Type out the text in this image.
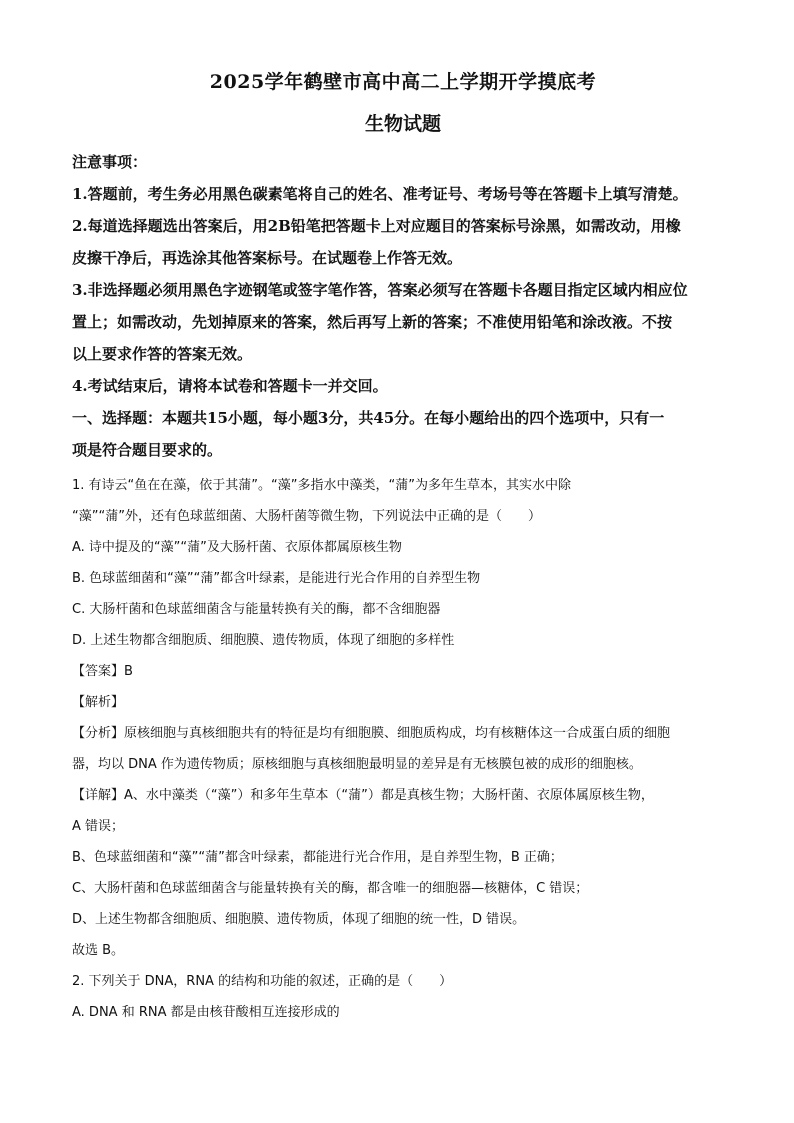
2025学年鹤壁市高中高二上学期开学摸底考
生物试题
注意事项：
1.答题前，考生务必用黑色碳素笔将自己的姓名、准考证号、考场号等在答题卡上填写清楚。
2.每道选择题选出答案后，用2B铅笔把答题卡上对应题目的答案标号涂黑，如需改动，用橡
皮擦干净后，再选涂其他答案标号。在试题卷上作答无效。
3.非选择题必须用黑色字迹钢笔或签字笔作答，答案必须写在答题卡各题目指定区域内相应位
置上；如需改动，先划掉原来的答案，然后再写上新的答案；不准使用铅笔和涂改液。不按
以上要求作答的答案无效。
4.考试结束后，请将本试卷和答题卡一并交回。
一、选择题：本题共15小题，每小题3分，共45分。在每小题给出的四个选项中，只有一
项是符合题目要求的。
1. 有诗云“鱼在在藻，依于其蒲”。“藻”多指水中藻类，“蒲”为多年生草本，其实水中除
“藻”“蒲”外，还有色球蓝细菌、大肠杆菌等微生物，下列说法中正确的是（　　）
A. 诗中提及的“藻”“蒲”及大肠杆菌、衣原体都属原核生物
B. 色球蓝细菌和“藻”“蒲”都含叶绿素，是能进行光合作用的自养型生物
C. 大肠杆菌和色球蓝细菌含与能量转换有关的酶，都不含细胞器
D. 上述生物都含细胞质、细胞膜、遗传物质，体现了细胞的多样性
【答案】B
【解析】
【分析】原核细胞与真核细胞共有的特征是均有细胞膜、细胞质构成，均有核糖体这一合成蛋白质的细胞
器，均以 DNA 作为遗传物质；原核细胞与真核细胞最明显的差异是有无核膜包被的成形的细胞核。
【详解】A、水中藻类（“藻”）和多年生草本（“蒲”）都是真核生物；大肠杆菌、衣原体属原核生物，
A 错误；
B、色球蓝细菌和“藻”“蒲”都含叶绿素，都能进行光合作用，是自养型生物，B 正确；
C、大肠杆菌和色球蓝细菌含与能量转换有关的酶，都含唯一的细胞器—核糖体，C 错误；
D、上述生物都含细胞质、细胞膜、遗传物质，体现了细胞的统一性，D 错误。
故选 B。
2. 下列关于 DNA，RNA 的结构和功能的叙述，正确的是（　　）
A. DNA 和 RNA 都是由核苷酸相互连接形成的
